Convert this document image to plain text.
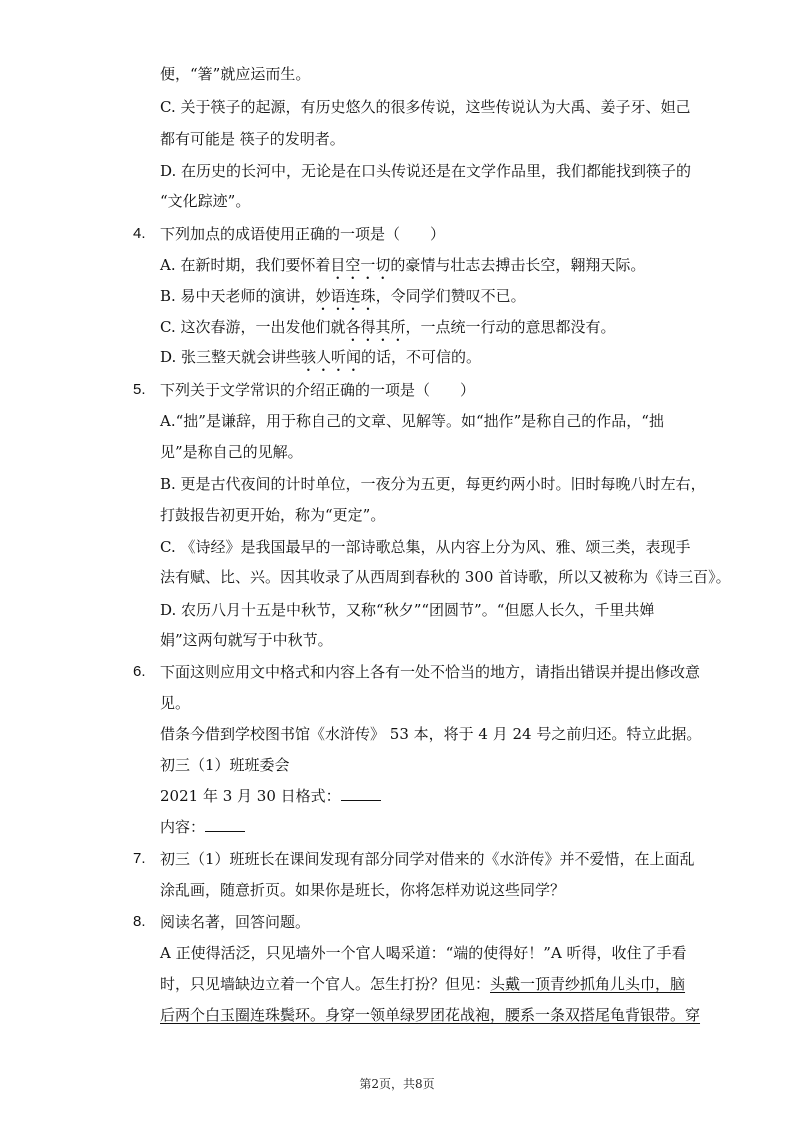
便，“箸”就应运而生。
C. 关于筷子的起源，有历史悠久的很多传说，这些传说认为大禹、姜子牙、妲己
都有可能是 筷子的发明者。
D. 在历史的长河中，无论是在口头传说还是在文学作品里，我们都能找到筷子的
“文化踪迹”。
4. 下列加点的成语使用正确的一项是（　　）
A. 在新时期，我们要怀着目空一切的豪情与壮志去搏击长空，翱翔天际。
B. 易中天老师的演讲，妙语连珠，令同学们赞叹不已。
C. 这次春游，一出发他们就各得其所，一点统一行动的意思都没有。
D. 张三整天就会讲些骇人听闻的话，不可信的。
5. 下列关于文学常识的介绍正确的一项是（　　）
A.“拙”是谦辞，用于称自己的文章、见解等。如“拙作”是称自己的作品，“拙
见”是称自己的见解。
B. 更是古代夜间的计时单位，一夜分为五更，每更约两小时。旧时每晚八时左右，
打鼓报告初更开始，称为“更定”。
C. 《诗经》是我国最早的一部诗歌总集，从内容上分为风、雅、颂三类，表现手
法有赋、比、兴。因其收录了从西周到春秋的 300 首诗歌，所以又被称为《诗三百》。
D. 农历八月十五是中秋节，又称“秋夕”“团圆节”。“但愿人长久，千里共婵
娟”这两句就写于中秋节。
6. 下面这则应用文中格式和内容上各有一处不恰当的地方，请指出错误并提出修改意
见。
借条今借到学校图书馆《水浒传》 53 本，将于 4 月 24 号之前归还。特立此据。
初三（1）班班委会
2021 年 3 月 30 日格式：
内容：
7. 初三（1）班班长在课间发现有部分同学对借来的《水浒传》并不爱惜，在上面乱
涂乱画，随意折页。如果你是班长，你将怎样劝说这些同学？
8. 阅读名著，回答问题。
A 正使得活泛，只见墙外一个官人喝采道：“端的使得好！”A 听得，收住了手看
时，只见墙缺边立着一个官人。怎生打扮？但见：头戴一顶青纱抓角儿头巾，脑
后两个白玉圈连珠鬓环。身穿一领单绿罗团花战袍，腰系一条双搭尾龟背银带。穿
第2页，共8页
